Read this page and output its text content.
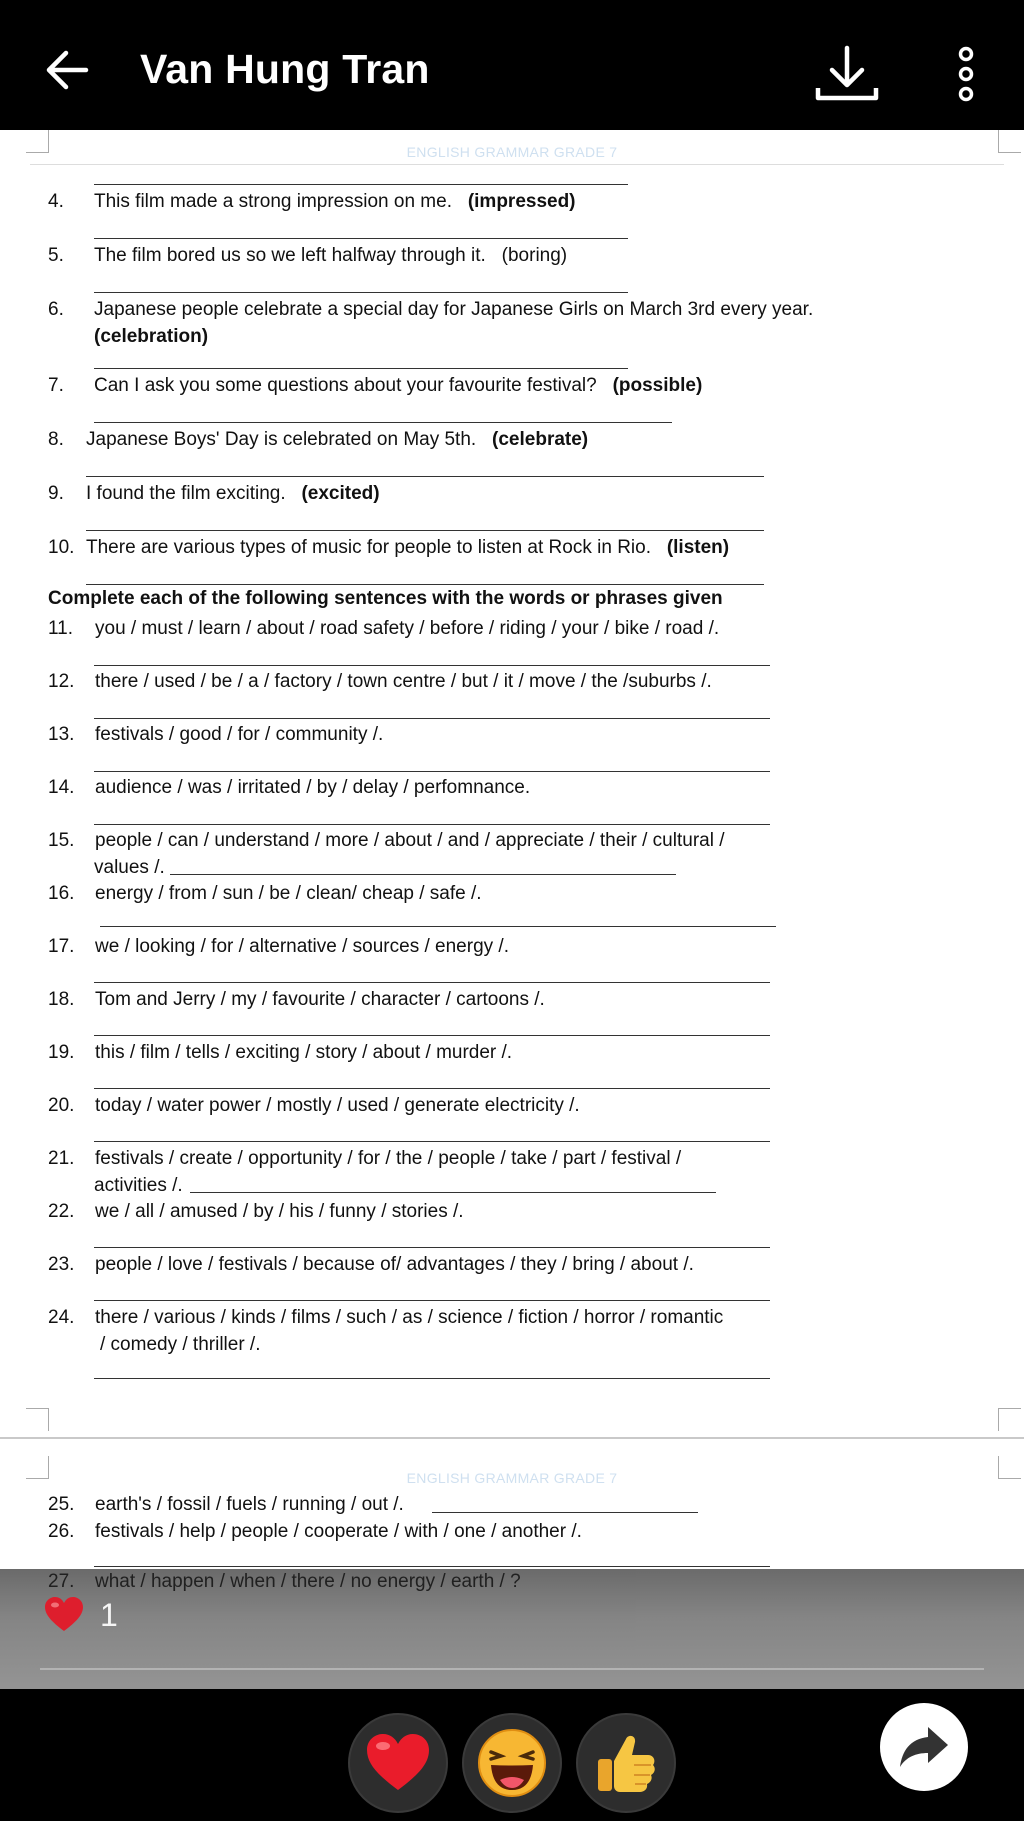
Van Hung Tran
ENGLISH GRAMMAR GRADE 7
4. This film made a strong impression on me. (impressed)
5. The film bored us so we left halfway through it. (boring)
6. Japanese people celebrate a special day for Japanese Girls on March 3rd every year.
(celebration)
7. Can I ask you some questions about your favourite festival? (possible)
8. Japanese Boys' Day is celebrated on May 5th. (celebrate)
9. I found the film exciting. (excited)
10. There are various types of music for people to listen at Rock in Rio. (listen)
Complete each of the following sentences with the words or phrases given
11. you / must / learn / about / road safety / before / riding / your / bike / road /.
12. there / used / be / a / factory / town centre / but / it / move / the /suburbs /.
13. festivals / good / for / community /.
14. audience / was / irritated / by / delay / perfomnance.
15. people / can / understand / more / about / and / appreciate / their / cultural /
values /.
16. energy / from / sun / be / clean/ cheap / safe /.
17. we / looking / for / alternative / sources / energy /.
18. Tom and Jerry / my / favourite / character / cartoons /.
19. this / film / tells / exciting / story / about / murder /.
20. today / water power / mostly / used / generate electricity /.
21. festivals / create / opportunity / for / the / people / take / part / festival /
activities /.
22. we / all / amused / by / his / funny / stories /.
23. people / love / festivals / because of/ advantages / they / bring / about /.
24. there / various / kinds / films / such / as / science / fiction / horror / romantic
/ comedy / thriller /.
ENGLISH GRAMMAR GRADE 7
25. earth's / fossil / fuels / running / out /.
26. festivals / help / people / cooperate / with / one / another /.
27. what / happen / when / there / no energy / earth / ?
1
